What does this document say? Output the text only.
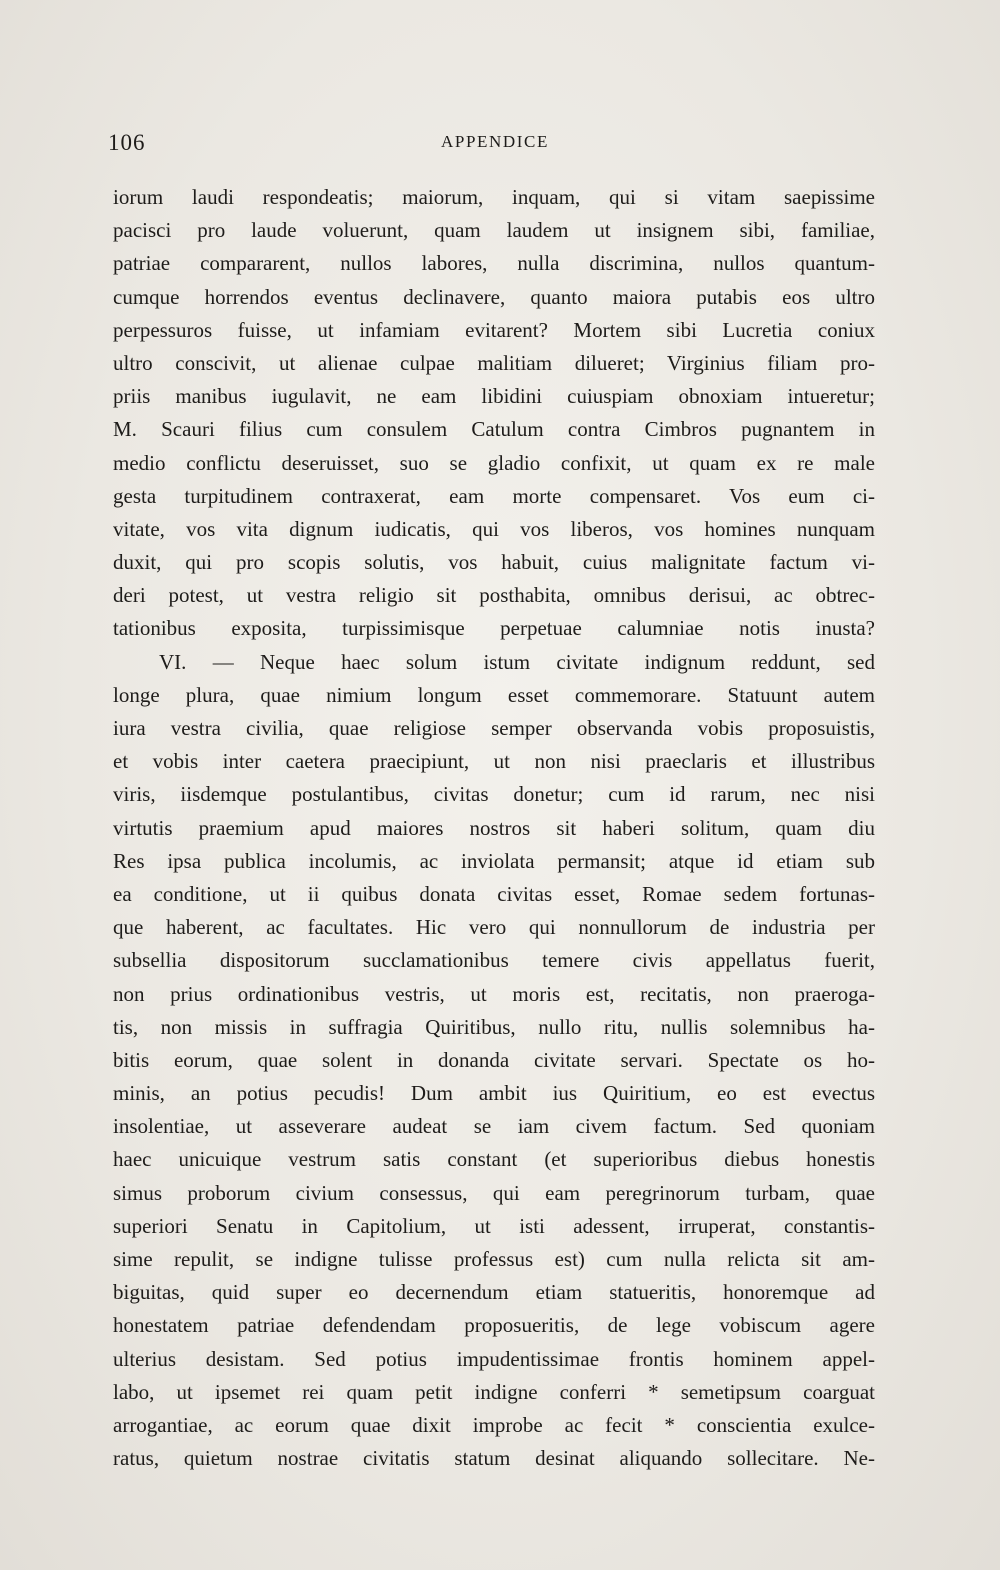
106	APPENDICE
iorum laudi respondeatis; maiorum, inquam, qui si vitam saepissime
pacisci pro laude voluerunt, quam laudem ut insignem sibi, familiae,
patriae compararent, nullos labores, nulla discrimina, nullos quantum-
cumque horrendos eventus declinavere, quanto maiora putabis eos ultro
perpessuros fuisse, ut infamiam evitarent? Mortem sibi Lucretia coniux
ultro conscivit, ut alienae culpae malitiam dilueret; Virginius filiam pro-
priis manibus iugulavit, ne eam libidini cuiuspiam obnoxiam intueretur;
M. Scauri filius cum consulem Catulum contra Cimbros pugnantem in
medio conflictu deseruisset, suo se gladio confixit, ut quam ex re male
gesta turpitudinem contraxerat, eam morte compensaret. Vos eum ci-
vitate, vos vita dignum iudicatis, qui vos liberos, vos homines nunquam
duxit, qui pro scopis solutis, vos habuit, cuius malignitate factum vi-
deri potest, ut vestra religio sit posthabita, omnibus derisui, ac obtrec-
tationibus exposita, turpissimisque perpetuae calumniae notis inusta?
VI. — Neque haec solum istum civitate indignum reddunt, sed
longe plura, quae nimium longum esset commemorare. Statuunt autem
iura vestra civilia, quae religiose semper observanda vobis proposuistis,
et vobis inter caetera praecipiunt, ut non nisi praeclaris et illustribus
viris, iisdemque postulantibus, civitas donetur; cum id rarum, nec nisi
virtutis praemium apud maiores nostros sit haberi solitum, quam diu
Res ipsa publica incolumis, ac inviolata permansit; atque id etiam sub
ea conditione, ut ii quibus donata civitas esset, Romae sedem fortunas-
que haberent, ac facultates. Hic vero qui nonnullorum de industria per
subsellia dispositorum succlamationibus temere civis appellatus fuerit,
non prius ordinationibus vestris, ut moris est, recitatis, non praeroga-
tis, non missis in suffragia Quiritibus, nullo ritu, nullis solemnibus ha-
bitis eorum, quae solent in donanda civitate servari. Spectate os ho-
minis, an potius pecudis! Dum ambit ius Quiritium, eo est evectus
insolentiae, ut asseverare audeat se iam civem factum. Sed quoniam
haec unicuique vestrum satis constant (et superioribus diebus honestis
simus proborum civium consessus, qui eam peregrinorum turbam, quae
superiori Senatu in Capitolium, ut isti adessent, irruperat, constantis-
sime repulit, se indigne tulisse professus est) cum nulla relicta sit am-
biguitas, quid super eo decernendum etiam statueritis, honoremque ad
honestatem patriae defendendam proposueritis, de lege vobiscum agere
ulterius desistam. Sed potius impudentissimae frontis hominem appel-
labo, ut ipsemet rei quam petit indigne conferri * semetipsum coarguat
arrogantiae, ac eorum quae dixit improbe ac fecit * conscientia exulce-
ratus, quietum nostrae civitatis statum desinat aliquando sollecitare. Ne-
